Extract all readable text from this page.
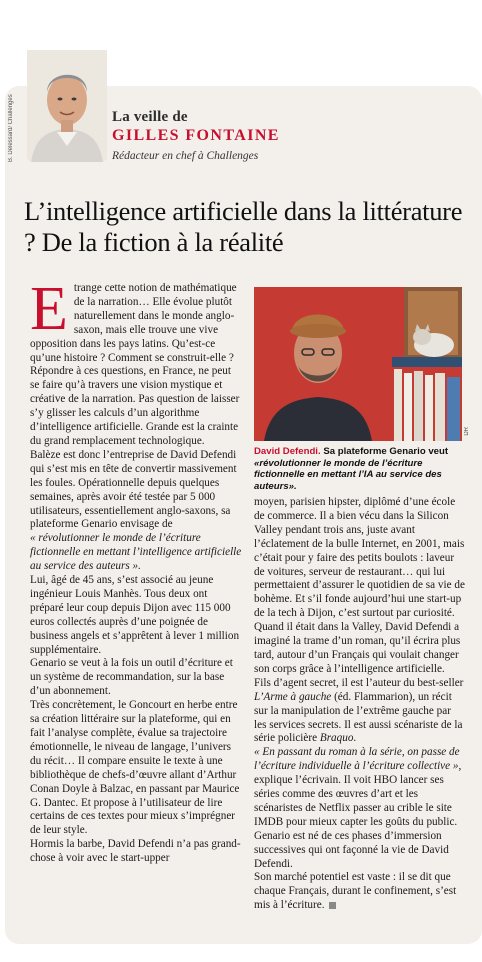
B. Delessard/ Challenges	La veille de
GILLES FONTAINE
Rédacteur en chef à Challenges
L’intelligence artificielle dans la littérature ? De la fiction à la réalité
E trange cette notion de mathématique de la narration… Elle évolue plutôt naturellement dans le monde anglo-saxon, mais elle trouve une vive opposition dans les pays latins. Qu’est-ce qu’une histoire ? Comment se construit-elle ? Répondre à ces questions, en France, ne peut se faire qu’à travers une vision mystique et créative de la narration. Pas question de laisser s’y glisser les calculs d’un algorithme d’intelligence artificielle. Grande est la crainte du grand remplacement technologique.

Balèze est donc l’entreprise de David Defendi qui s’est mis en tête de convertir massivement les foules. Opérationnelle depuis quelques semaines, après avoir été testée par 5 000 utilisateurs, essentiellement anglo-saxons, sa plateforme Genario envisage de

« révolutionner le monde de l’écriture fictionnelle en mettant l’intelligence artificielle au service des auteurs ».

Lui, âgé de 45 ans, s’est associé au jeune ingénieur Louis Manhès. Tous deux ont préparé leur coup depuis Dijon avec 115 000 euros collectés auprès d’une poignée de business angels et s’apprêtent à lever 1 million supplémentaire.

Genario se veut à la fois un outil d’écriture et un système de recommandation, sur la base d’un abonnement.

Très concrètement, le Goncourt en herbe entre sa création littéraire sur la plateforme, qui en fait l’analyse complète, évalue sa trajectoire émotionnelle, le niveau de langage, l’univers du récit… Il compare ensuite le texte à une bibliothèque de chefs-d’œuvre allant d’Arthur Conan Doyle à Balzac, en passant par Maurice G. Dantec. Et propose à l’utilisateur de lire certains de ces textes pour mieux s’imprégner de leur style.

Hormis la barbe, David Defendi n’a pas grand-chose à voir avec le start-upper

DR
David Defendi. Sa plateforme Genario veut «révolutionner le monde de l’écriture fictionnelle en mettant l’IA au service des auteurs».

moyen, parisien hipster, diplômé d’une école de commerce. Il a bien vécu dans la Silicon Valley pendant trois ans, juste avant l’éclatement de la bulle Internet, en 2001, mais c’était pour y faire des petits boulots : laveur de voitures, serveur de restaurant… qui lui permettaient d’assurer le quotidien de sa vie de bohème. Et s’il fonde aujourd’hui une start-up de la tech à Dijon, c’est surtout par curiosité. Quand il était dans la Valley, David Defendi a imaginé la trame d’un roman, qu’il écrira plus tard, autour d’un Français qui voulait changer son corps grâce à l’intelligence artificielle.

Fils d’agent secret, il est l’auteur du best-seller L’Arme à gauche (éd. Flammarion), un récit sur la manipulation de l’extrême gauche par les services secrets. Il est aussi scénariste de la série policière Braquo.

« En passant du roman à la série, on passe de l’écriture individuelle à l’écriture collective », explique l’écrivain. Il voit HBO lancer ses séries comme des œuvres d’art et les scénaristes de Netflix passer au crible le site IMDB pour mieux capter les goûts du public. Genario est né de ces phases d’immersion successives qui ont façonné la vie de David Defendi.

Son marché potentiel est vaste : il se dit que chaque Français, durant le confinement, s’est mis à l’écriture.
